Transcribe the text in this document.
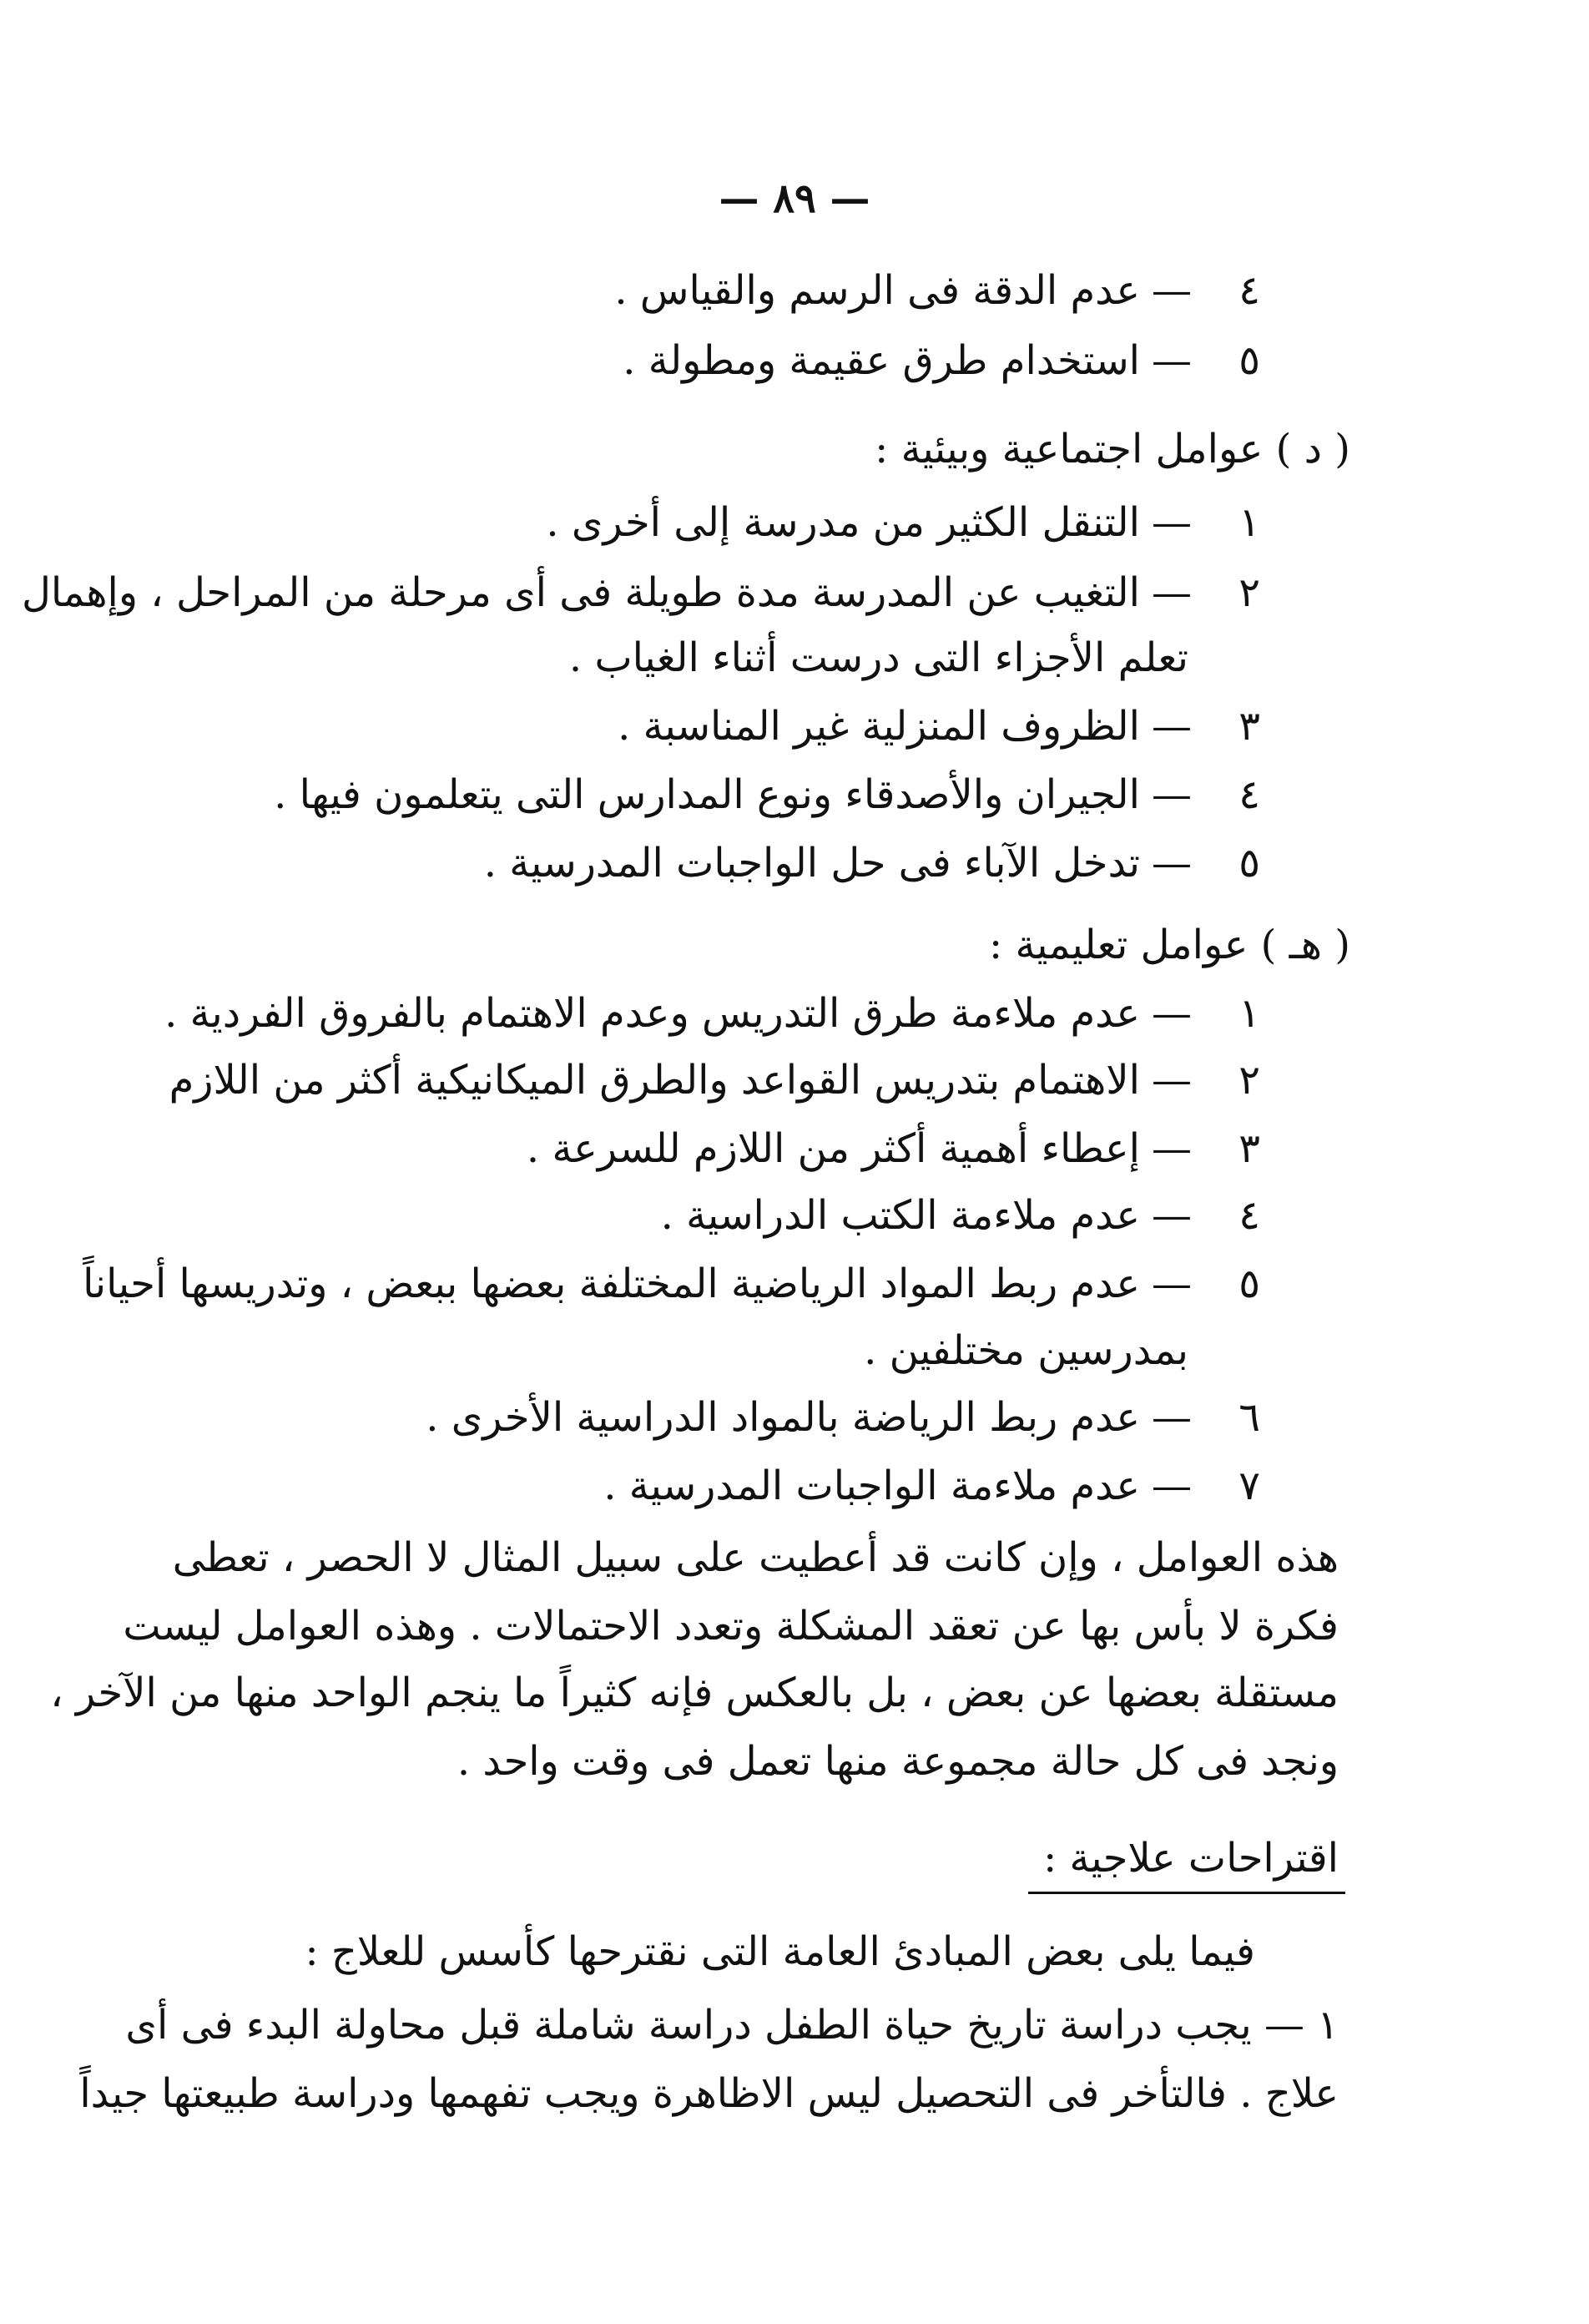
— ٨٩ —
٤—عدم الدقة فى الرسم والقياس .
٥—استخدام طرق عقيمة ومطولة .
( د ) عوامل اجتماعية وبيئية :
١—التنقل الكثير من مدرسة إلى أخرى .
٢—التغيب عن المدرسة مدة طويلة فى أى مرحلة من المراحل ، وإهمال
تعلم الأجزاء التى درست أثناء الغياب .
٣—الظروف المنزلية غير المناسبة .
٤—الجيران والأصدقاء ونوع المدارس التى يتعلمون فيها .
٥—تدخل الآباء فى حل الواجبات المدرسية .
( هـ ) عوامل تعليمية :
١—عدم ملاءمة طرق التدريس وعدم الاهتمام بالفروق الفردية .
٢—الاهتمام بتدريس القواعد والطرق الميكانيكية أكثر من اللازم
٣—إعطاء أهمية أكثر من اللازم للسرعة .
٤—عدم ملاءمة الكتب الدراسية .
٥—عدم ربط المواد الرياضية المختلفة بعضها ببعض ، وتدريسها أحياناً
بمدرسين مختلفين .
٦—عدم ربط الرياضة بالمواد الدراسية الأخرى .
٧—عدم ملاءمة الواجبات المدرسية .
هذه العوامل ، وإن كانت قد أعطيت على سبيل المثال لا الحصر ، تعطى
فكرة لا بأس بها عن تعقد المشكلة وتعدد الاحتمالات . وهذه العوامل ليست
مستقلة بعضها عن بعض ، بل بالعكس فإنه كثيراً ما ينجم الواحد منها من الآخر ،
ونجد فى كل حالة مجموعة منها تعمل فى وقت واحد .
اقتراحات علاجية :
فيما يلى بعض المبادئ العامة التى نقترحها كأسس للعلاج :
١ — يجب دراسة تاريخ حياة الطفل دراسة شاملة قبل محاولة البدء فى أى
علاج . فالتأخر فى التحصيل ليس الاظاهرة ويجب تفهمها ودراسة طبيعتها جيداً
